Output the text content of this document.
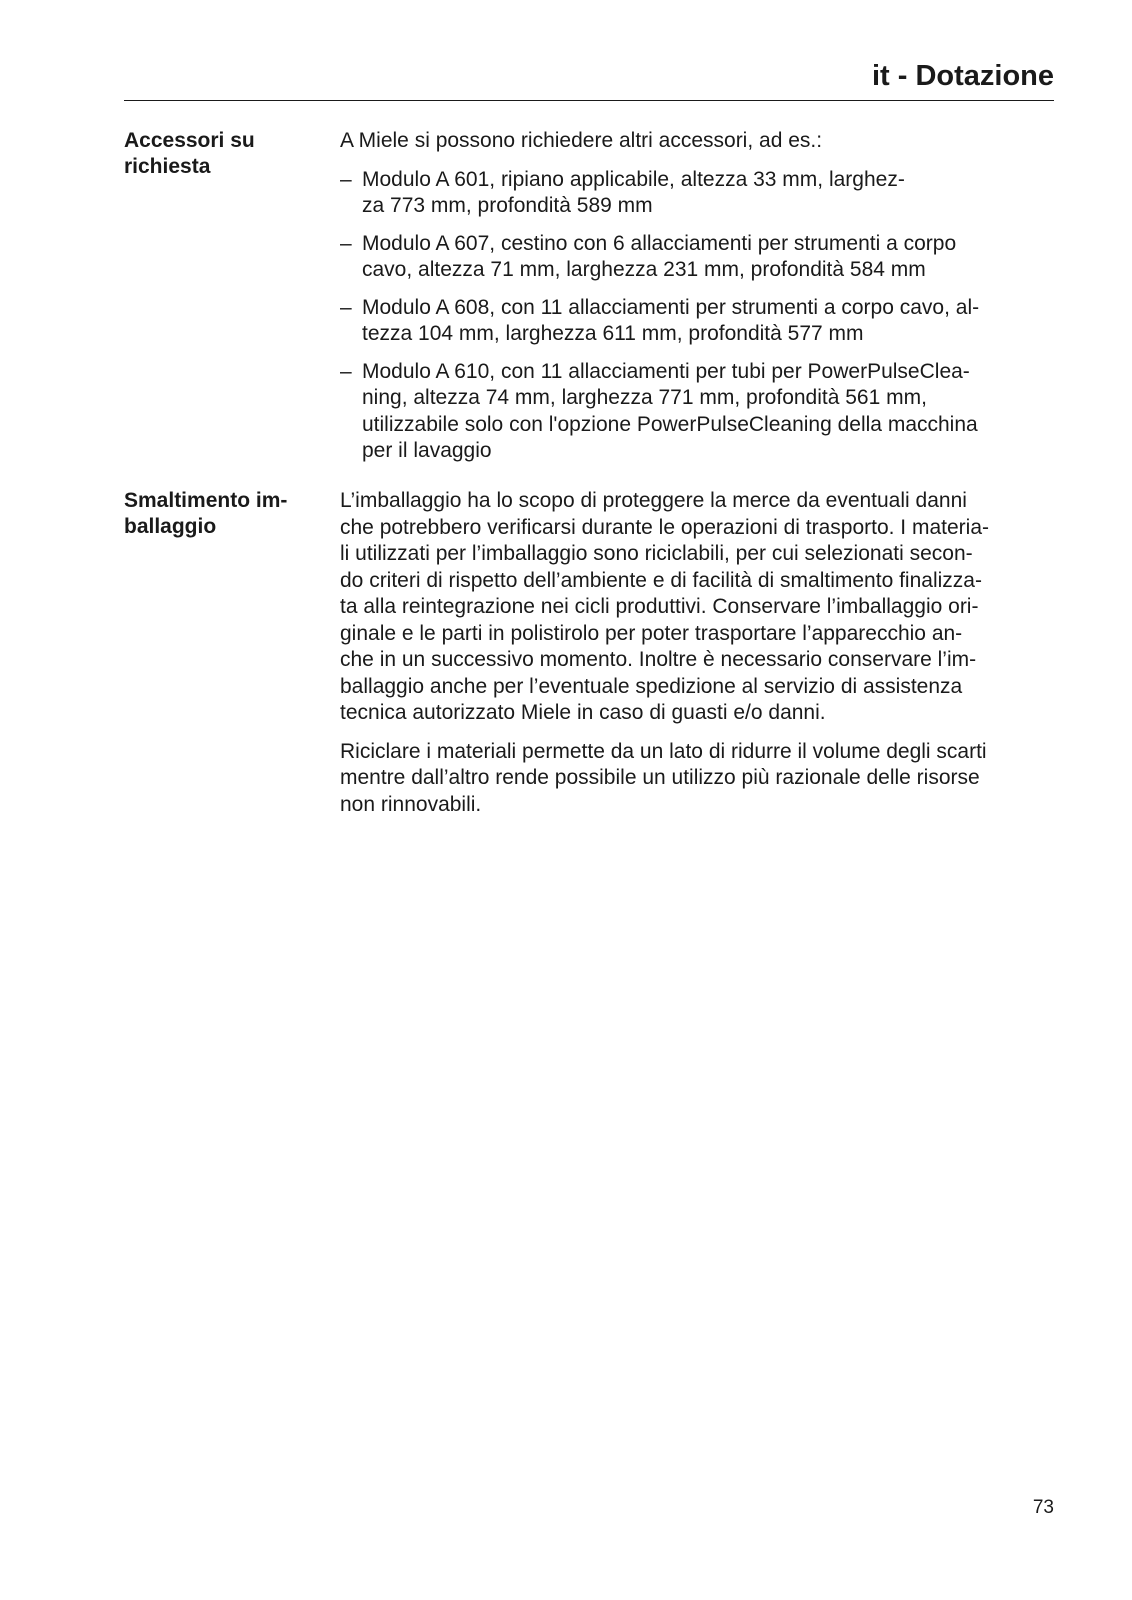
it - Dotazione
Accessori su
richiesta

A Miele si possono richiedere altri accessori, ad es.:

– Modulo A 601, ripiano applicabile, altezza 33 mm, larghez-
za 773 mm, profondità 589 mm
– Modulo A 607, cestino con 6 allacciamenti per strumenti a corpo
cavo, altezza 71 mm, larghezza 231 mm, profondità 584 mm
– Modulo A 608, con 11 allacciamenti per strumenti a corpo cavo, al-
tezza 104 mm, larghezza 611 mm, profondità 577 mm
– Modulo A 610, con 11 allacciamenti per tubi per PowerPulseClea-
ning, altezza 74 mm, larghezza 771 mm, profondità 561 mm,
utilizzabile solo con l'opzione PowerPulseCleaning della macchina
per il lavaggio
Smaltimento im-
ballaggio

L’imballaggio ha lo scopo di proteggere la merce da eventuali danni
che potrebbero verificarsi durante le operazioni di trasporto. I materia-
li utilizzati per l’imballaggio sono riciclabili, per cui selezionati secon-
do criteri di rispetto dell’ambiente e di facilità di smaltimento finalizza-
ta alla reintegrazione nei cicli produttivi. Conservare l’imballaggio ori-
ginale e le parti in polistirolo per poter trasportare l’apparecchio an-
che in un successivo momento. Inoltre è necessario conservare l’im-
ballaggio anche per l’eventuale spedizione al servizio di assistenza
tecnica autorizzato Miele in caso di guasti e/o danni.

Riciclare i materiali permette da un lato di ridurre il volume degli scarti
mentre dall’altro rende possibile un utilizzo più razionale delle risorse
non rinnovabili.

73
